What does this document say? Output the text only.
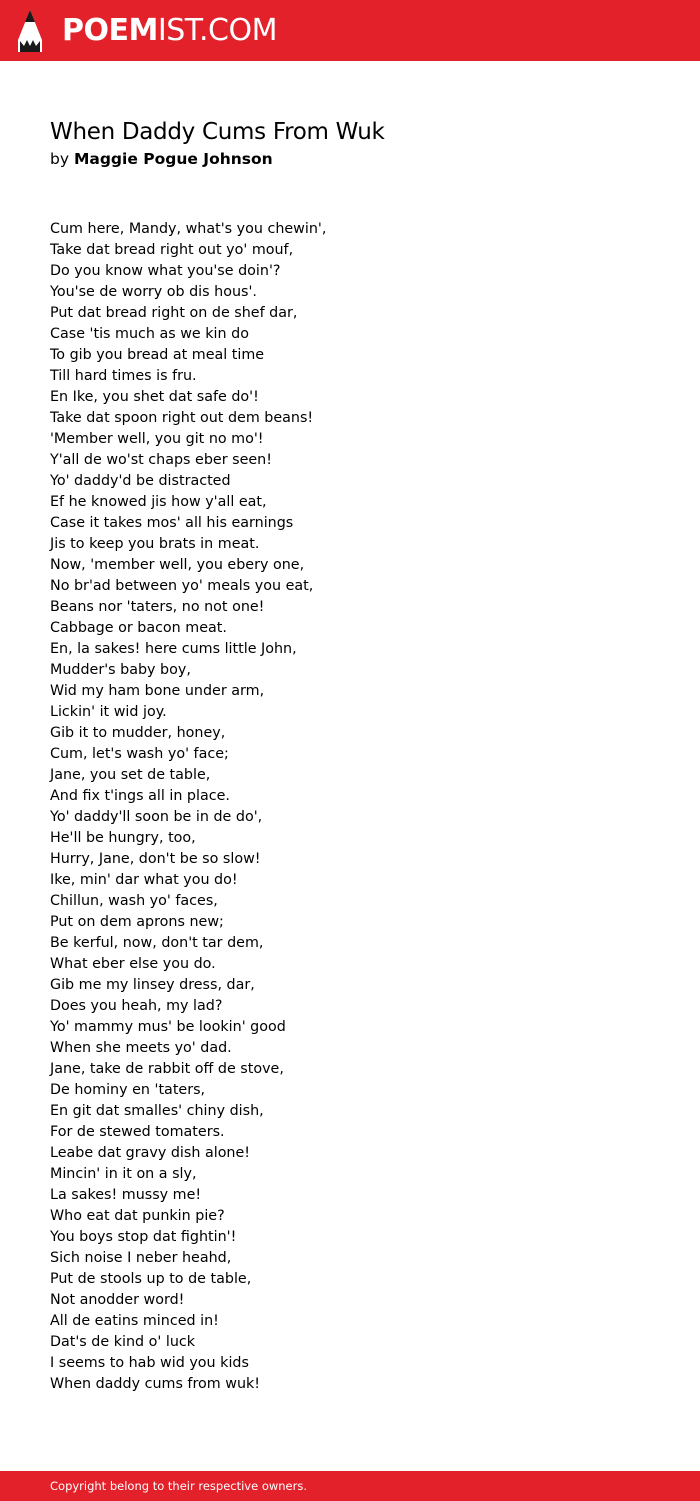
POEMIST.COM
When Daddy Cums From Wuk
by Maggie Pogue Johnson
Cum here, Mandy, what's you chewin',
Take dat bread right out yo' mouf,
Do you know what you'se doin'?
You'se de worry ob dis hous'.
Put dat bread right on de shef dar,
Case 'tis much as we kin do
To gib you bread at meal time
Till hard times is fru.
En Ike, you shet dat safe do'!
Take dat spoon right out dem beans!
'Member well, you git no mo'!
Y'all de wo'st chaps eber seen!
Yo' daddy'd be distracted
Ef he knowed jis how y'all eat,
Case it takes mos' all his earnings
Jis to keep you brats in meat.
Now, 'member well, you ebery one,
No br'ad between yo' meals you eat,
Beans nor 'taters, no not one!
Cabbage or bacon meat.
En, la sakes! here cums little John,
Mudder's baby boy,
Wid my ham bone under arm,
Lickin' it wid joy.
Gib it to mudder, honey,
Cum, let's wash yo' face;
Jane, you set de table,
And fix t'ings all in place.
Yo' daddy'll soon be in de do',
He'll be hungry, too,
Hurry, Jane, don't be so slow!
Ike, min' dar what you do!
Chillun, wash yo' faces,
Put on dem aprons new;
Be kerful, now, don't tar dem,
What eber else you do.
Gib me my linsey dress, dar,
Does you heah, my lad?
Yo' mammy mus' be lookin' good
When she meets yo' dad.
Jane, take de rabbit off de stove,
De hominy en 'taters,
En git dat smalles' chiny dish,
For de stewed tomaters.
Leabe dat gravy dish alone!
Mincin' in it on a sly,
La sakes! mussy me!
Who eat dat punkin pie?
You boys stop dat fightin'!
Sich noise I neber heahd,
Put de stools up to de table,
Not anodder word!
All de eatins minced in!
Dat's de kind o' luck
I seems to hab wid you kids
When daddy cums from wuk!
Copyright belong to their respective owners.
